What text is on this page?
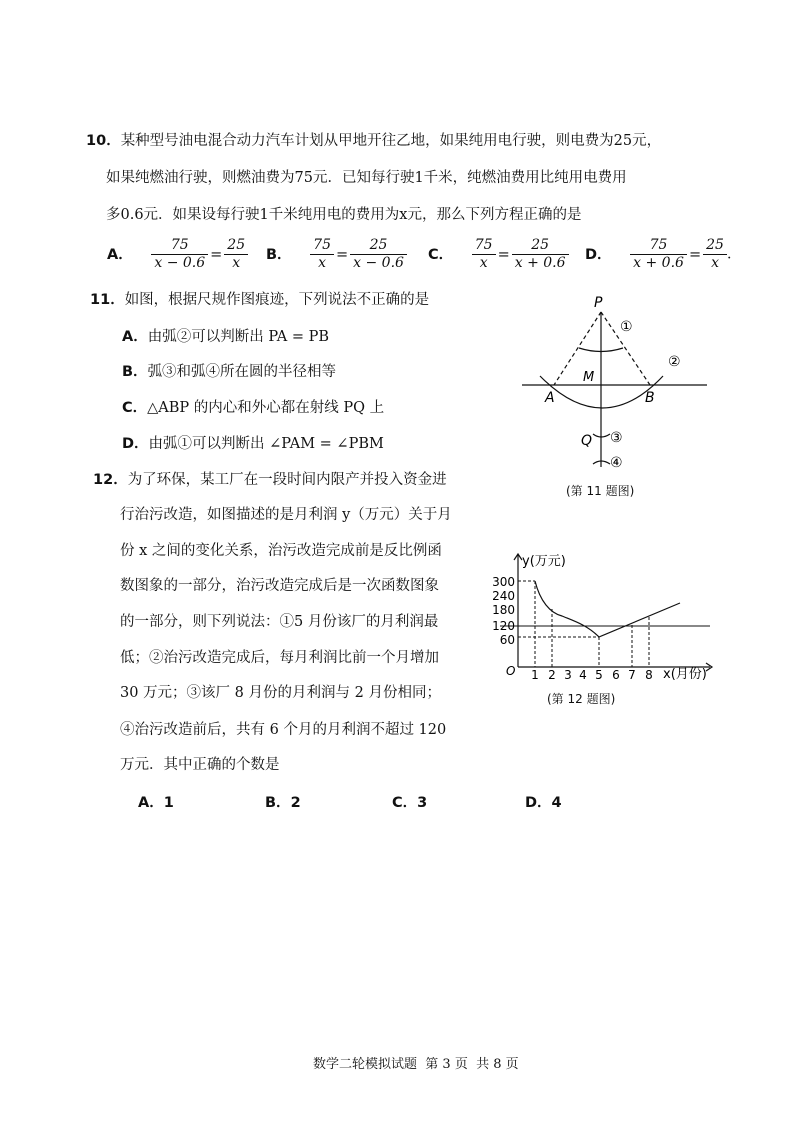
10．某种型号油电混合动力汽车计划从甲地开往乙地，如果纯用电行驶，则电费为25元，
如果纯燃油行驶，则燃油费为75元．已知每行驶1千米，纯燃油费用比纯用电费用
多0.6元．如果设每行驶1千米纯用电的费用为x元，那么下列方程正确的是
A． $\frac{75}{x - 0.6} = \frac{25}{x}$ B． $\frac{75}{x} = \frac{25}{x - 0.6}$ C． $\frac{75}{x} = \frac{25}{x + 0.6}$ D． $\frac{75}{x + 0.6} = \frac{25}{x}$ ．
11．如图，根据尺规作图痕迹，下列说法不正确的是
A．由弧②可以判断出 PA = PB
B．弧③和弧④所在圆的半径相等
C．△ABP 的内心和外心都在射线 PQ 上
D．由弧①可以判断出 ∠PAM = ∠PBM
P
M
A	B
Q
①
②
③
④
(第 11 题图)
12．为了环保，某工厂在一段时间内限产并投入资金进
行治污改造，如图描述的是月利润 y（万元）关于月
份 x 之间的变化关系，治污改造完成前是反比例函
数图象的一部分，治污改造完成后是一次函数图象
的一部分，则下列说法：①5 月份该厂的月利润最
低；②治污改造完成后，每月利润比前一个月增加
30 万元；③该厂 8 月份的月利润与 2 月份相同；
④治污改造前后，共有 6 个月的月利润不超过 120
万元．其中正确的个数是
A．1	B．2	C．3	D．4
y(万元)
x(月份)
O
300
240
180
120
60
1 2 3 4 5 6 7 8
(第 12 题图)
数学二轮模拟试题 第 3 页 共 8 页
